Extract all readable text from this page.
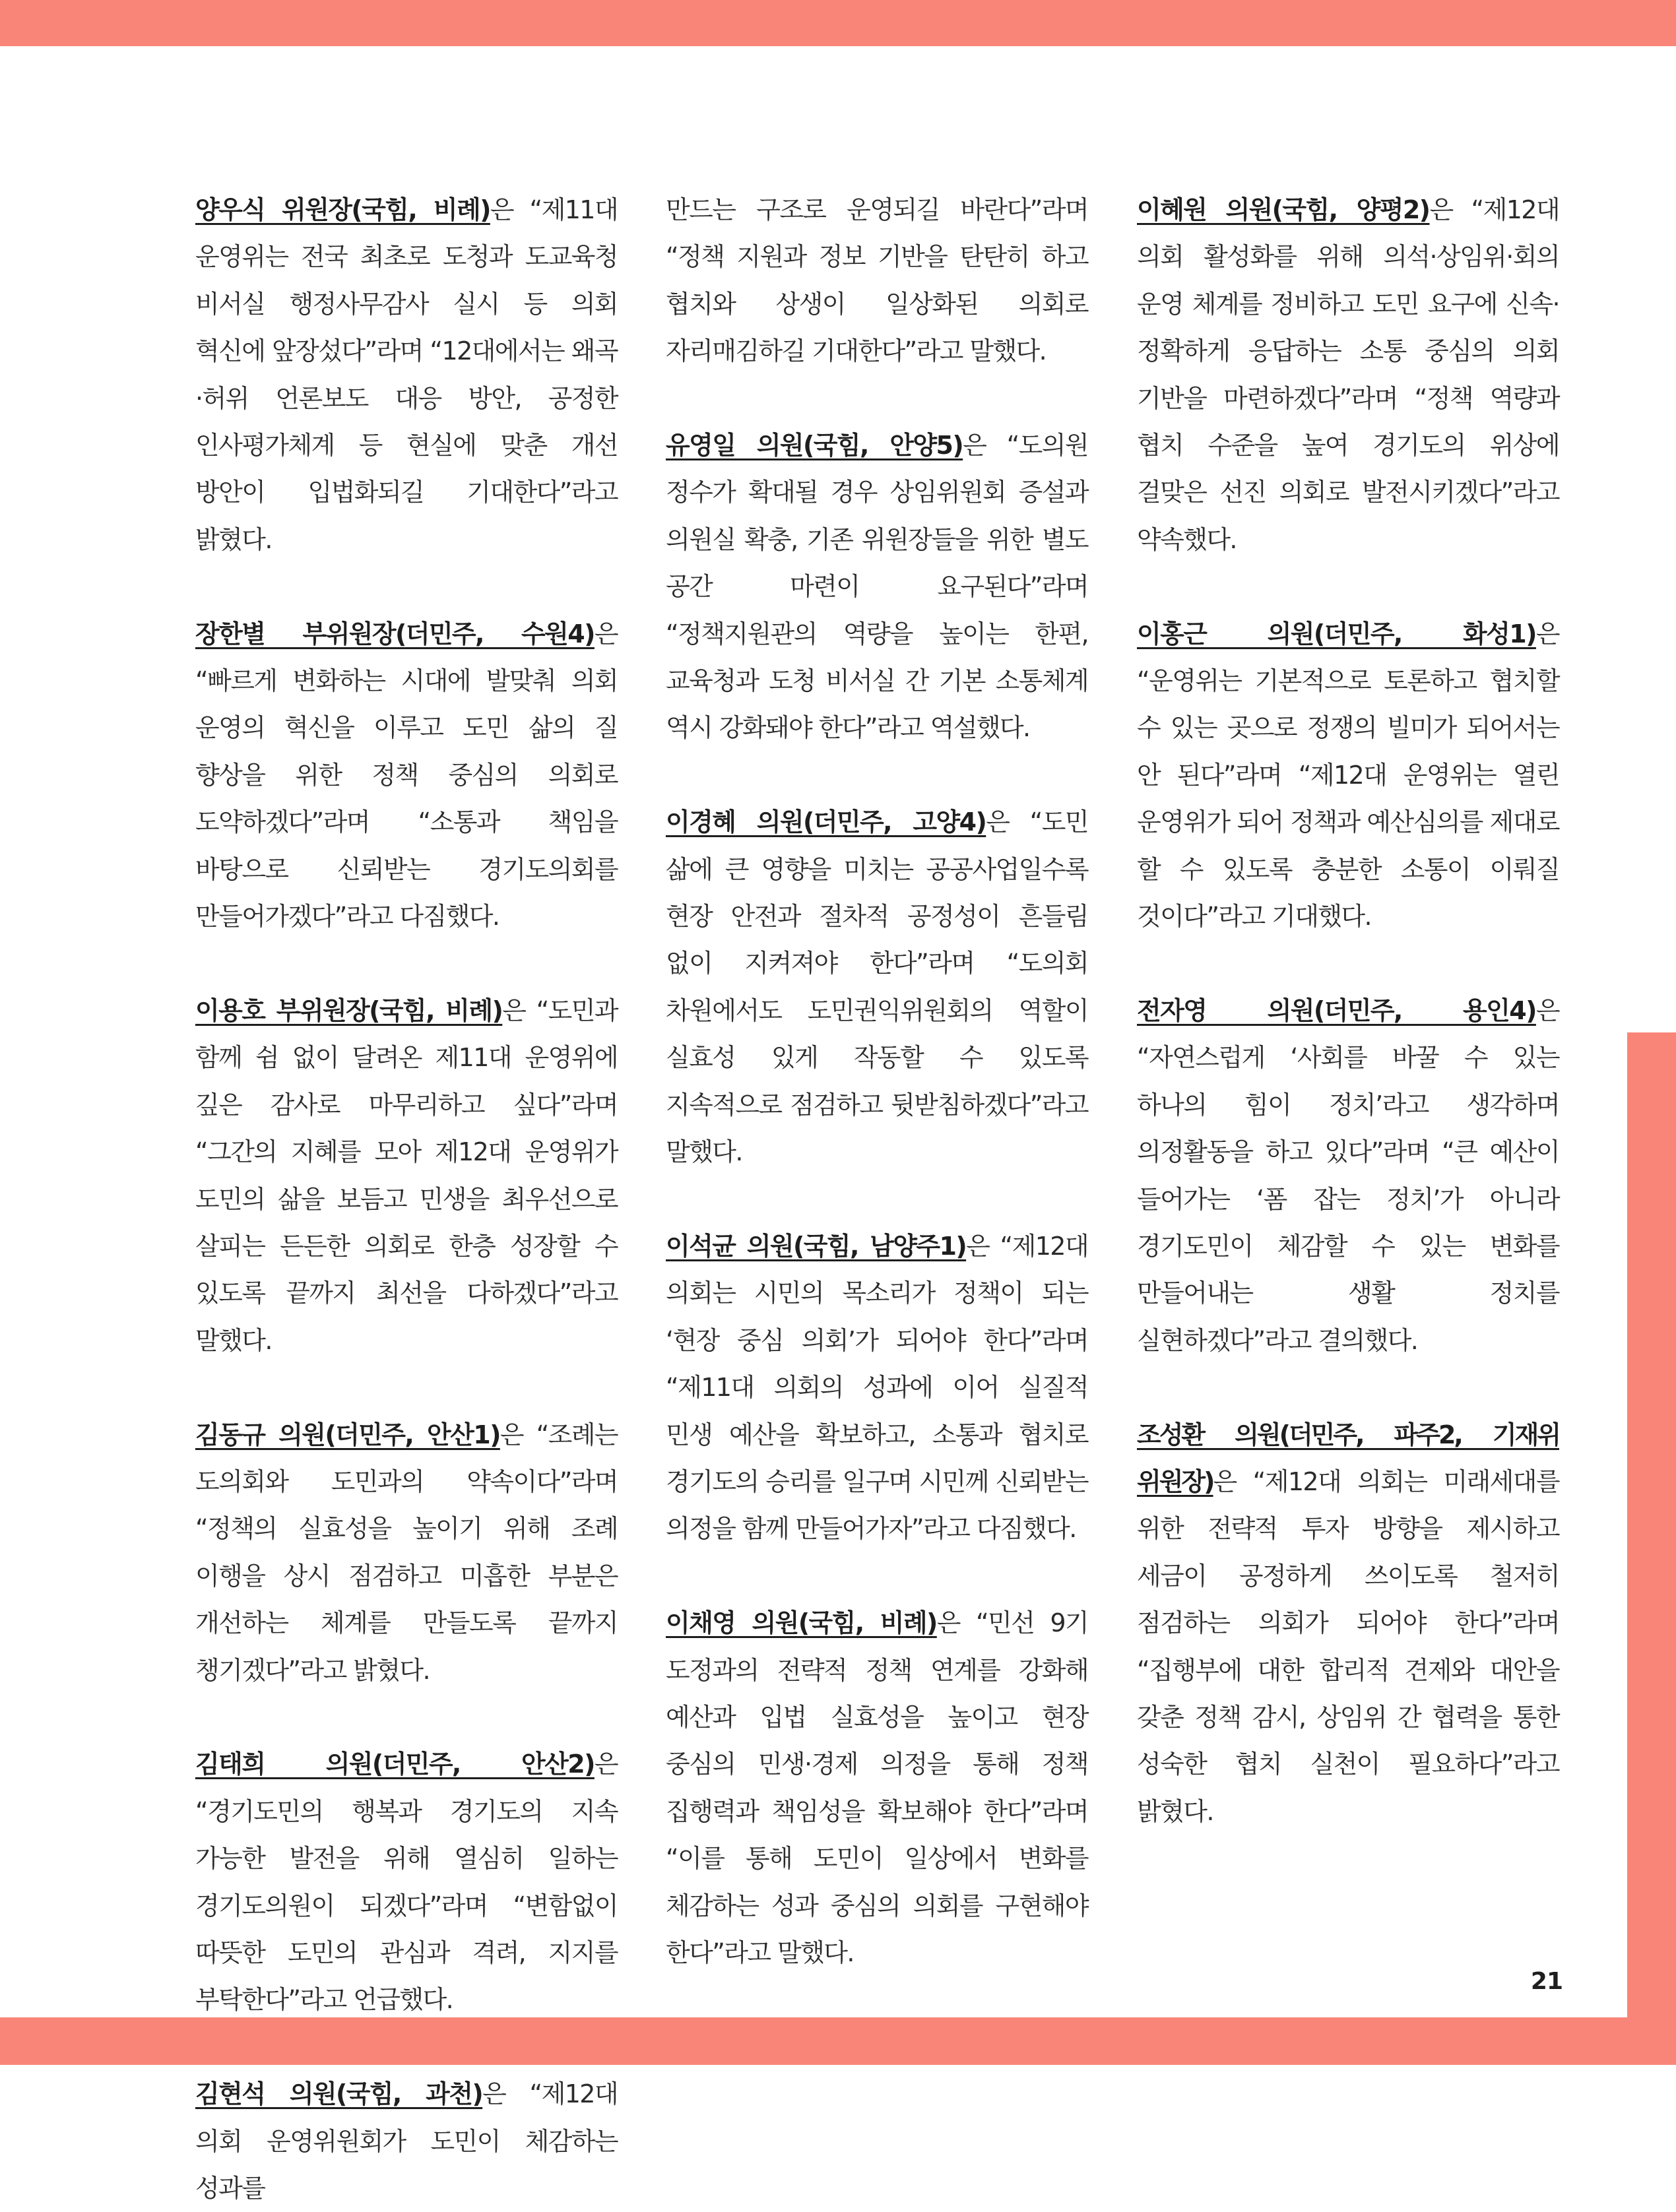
양우식 위원장(국힘, 비례)은 “제11대 운영위는 전국 최초로 도청과 도교육청 비서실 행정사무감사 실시 등 의회 혁신에 앞장섰다”라며 “12대에서는 왜곡·허위 언론보도 대응 방안, 공정한 인사평가체계 등 현실에 맞춘 개선 방안이 입법화되길 기대한다”라고 밝혔다.

장한별 부위원장(더민주, 수원4)은 “빠르게 변화하는 시대에 발맞춰 의회 운영의 혁신을 이루고 도민 삶의 질 향상을 위한 정책 중심의 의회로 도약하겠다”라며 “소통과 책임을 바탕으로 신뢰받는 경기도의회를 만들어가겠다”라고 다짐했다.

이용호 부위원장(국힘, 비례)은 “도민과 함께 쉼 없이 달려온 제11대 운영위에 깊은 감사로 마무리하고 싶다”라며 “그간의 지혜를 모아 제12대 운영위가 도민의 삶을 보듬고 민생을 최우선으로 살피는 든든한 의회로 한층 성장할 수 있도록 끝까지 최선을 다하겠다”라고 말했다.

김동규 의원(더민주, 안산1)은 “조례는 도의회와 도민과의 약속이다”라며 “정책의 실효성을 높이기 위해 조례 이행을 상시 점검하고 미흡한 부분은 개선하는 체계를 만들도록 끝까지 챙기겠다”라고 밝혔다.

김태희 의원(더민주, 안산2)은 “경기도민의 행복과 경기도의 지속 가능한 발전을 위해 열심히 일하는 경기도의원이 되겠다”라며 “변함없이 따뜻한 도민의 관심과 격려, 지지를 부탁한다”라고 언급했다.

김현석 의원(국힘, 과천)은 “제12대 의회 운영위원회가 도민이 체감하는 성과를

만드는 구조로 운영되길 바란다”라며 “정책 지원과 정보 기반을 탄탄히 하고 협치와 상생이 일상화된 의회로 자리매김하길 기대한다”라고 말했다.

유영일 의원(국힘, 안양5)은 “도의원 정수가 확대될 경우 상임위원회 증설과 의원실 확충, 기존 위원장들을 위한 별도 공간 마련이 요구된다”라며 “정책지원관의 역량을 높이는 한편, 교육청과 도청 비서실 간 기본 소통체계 역시 강화돼야 한다”라고 역설했다.

이경혜 의원(더민주, 고양4)은 “도민 삶에 큰 영향을 미치는 공공사업일수록 현장 안전과 절차적 공정성이 흔들림 없이 지켜져야 한다”라며 “도의회 차원에서도 도민권익위원회의 역할이 실효성 있게 작동할 수 있도록 지속적으로 점검하고 뒷받침하겠다”라고 말했다.

이석균 의원(국힘, 남양주1)은 “제12대 의회는 시민의 목소리가 정책이 되는 ‘현장 중심 의회’가 되어야 한다”라며 “제11대 의회의 성과에 이어 실질적 민생 예산을 확보하고, 소통과 협치로 경기도의 승리를 일구며 시민께 신뢰받는 의정을 함께 만들어가자”라고 다짐했다.

이채영 의원(국힘, 비례)은 “민선 9기 도정과의 전략적 정책 연계를 강화해 예산과 입법 실효성을 높이고 현장 중심의 민생·경제 의정을 통해 정책 집행력과 책임성을 확보해야 한다”라며 “이를 통해 도민이 일상에서 변화를 체감하는 성과 중심의 의회를 구현해야 한다”라고 말했다.

이혜원 의원(국힘, 양평2)은 “제12대 의회 활성화를 위해 의석·상임위·회의 운영 체계를 정비하고 도민 요구에 신속·정확하게 응답하는 소통 중심의 의회 기반을 마련하겠다”라며 “정책 역량과 협치 수준을 높여 경기도의 위상에 걸맞은 선진 의회로 발전시키겠다”라고 약속했다.

이홍근 의원(더민주, 화성1)은 “운영위는 기본적으로 토론하고 협치할 수 있는 곳으로 정쟁의 빌미가 되어서는 안 된다”라며 “제12대 운영위는 열린 운영위가 되어 정책과 예산심의를 제대로 할 수 있도록 충분한 소통이 이뤄질 것이다”라고 기대했다.

전자영 의원(더민주, 용인4)은 “자연스럽게 ‘사회를 바꿀 수 있는 하나의 힘이 정치’라고 생각하며 의정활동을 하고 있다”라며 “큰 예산이 들어가는 ‘폼 잡는 정치’가 아니라 경기도민이 체감할 수 있는 변화를 만들어내는 생활 정치를 실현하겠다”라고 결의했다.

조성환 의원(더민주, 파주2, 기재위 위원장)은 “제12대 의회는 미래세대를 위한 전략적 투자 방향을 제시하고 세금이 공정하게 쓰이도록 철저히 점검하는 의회가 되어야 한다”라며 “집행부에 대한 합리적 견제와 대안을 갖춘 정책 감시, 상임위 간 협력을 통한 성숙한 협치 실천이 필요하다”라고 밝혔다.

21
